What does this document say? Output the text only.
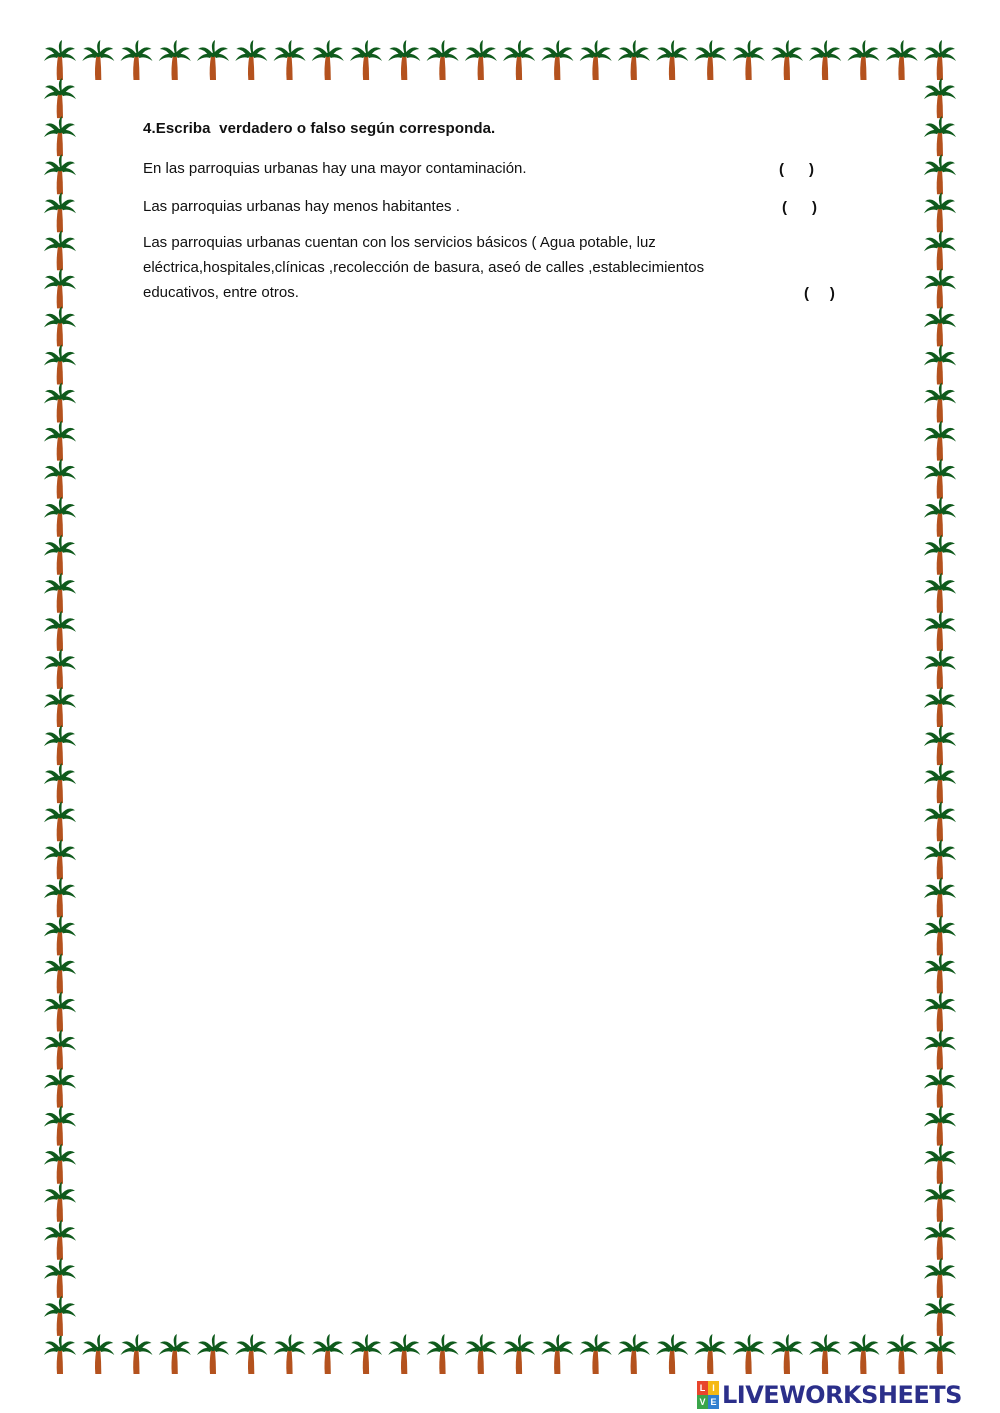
4.Escriba  verdadero o falso según corresponda.
En las parroquias urbanas hay una mayor contaminación.	(      )
Las parroquias urbanas hay menos habitantes .	(      )
Las parroquias urbanas cuentan con los servicios básicos ( Agua potable, luz
eléctrica,hospitales,clínicas ,recolección de basura, aseó de calles ,establecimientos
educativos, entre otros.	(     )
L I
V E LIVEWORKSHEETS
